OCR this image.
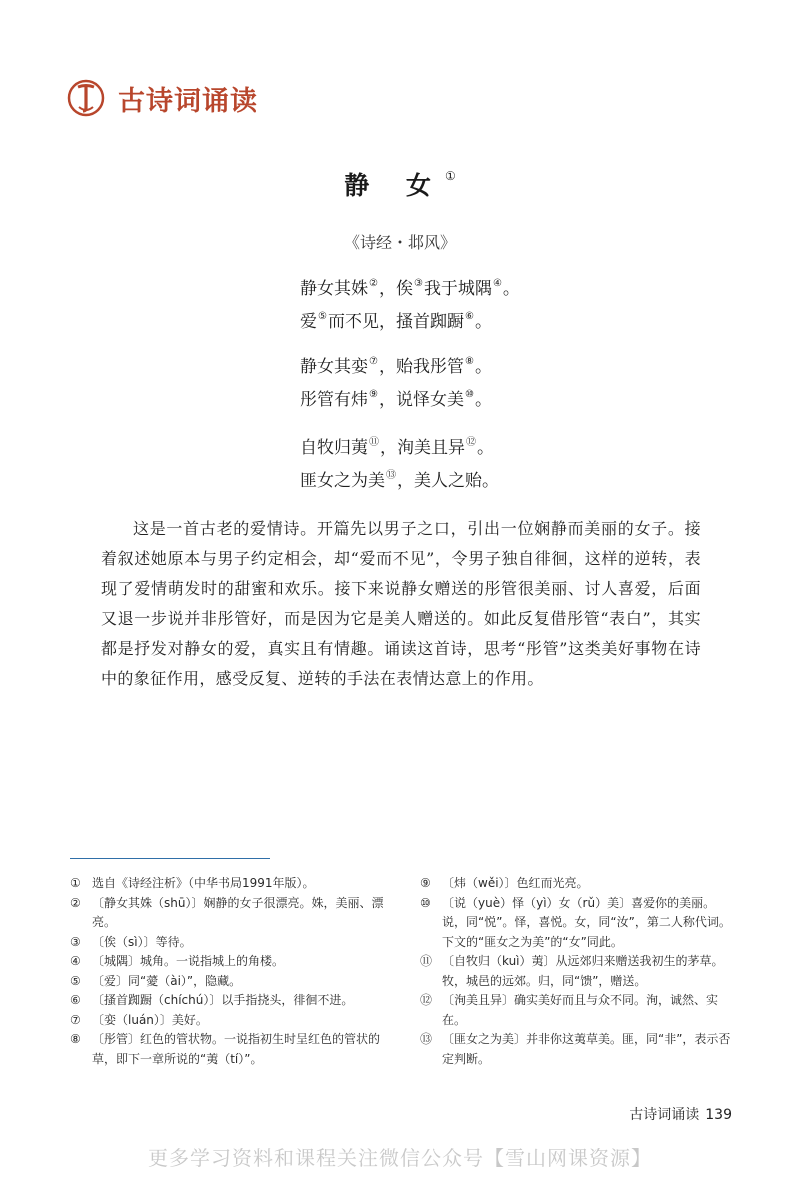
古诗词诵读
静 女①
《诗经・邶风》
静女其姝②，俟③我于城隅④。
爱⑤而不见，搔首踟蹰⑥。
静女其娈⑦，贻我彤管⑧。
彤管有炜⑨，说怿女美⑩。
自牧归荑⑪，洵美且异⑫。
匪女之为美⑬，美人之贻。

这是一首古老的爱情诗。开篇先以男子之口，引出一位娴静而美丽的女子。接着叙述她原本与男子约定相会，却“爱而不见”，令男子独自徘徊，这样的逆转，表现了爱情萌发时的甜蜜和欢乐。接下来说静女赠送的彤管很美丽、讨人喜爱，后面又退一步说并非彤管好，而是因为它是美人赠送的。如此反复借彤管“表白”，其实都是抒发对静女的爱，真实且有情趣。诵读这首诗，思考“彤管”这类美好事物在诗中的象征作用，感受反复、逆转的手法在表情达意上的作用。

① 选自《诗经注析》（中华书局1991年版）。
② 〔静女其姝（shū）〕娴静的女子很漂亮。姝，美丽、漂亮。
③ 〔俟（sì）〕等待。
④ 〔城隅〕城角。一说指城上的角楼。
⑤ 〔爱〕同“薆（ài）”，隐藏。
⑥ 〔搔首踟蹰（chíchú）〕以手指挠头，徘徊不进。
⑦ 〔娈（luán）〕美好。
⑧ 〔彤管〕红色的管状物。一说指初生时呈红色的管状的草，即下一章所说的“荑（tí）”。
⑨ 〔炜（wěi）〕色红而光亮。
⑩ 〔说（yuè）怿（yì）女（rǔ）美〕喜爱你的美丽。说，同“悦”。怿，喜悦。女，同“汝”，第二人称代词。下文的“匪女之为美”的“女”同此。
⑪ 〔自牧归（kuì）荑〕从远郊归来赠送我初生的茅草。牧，城邑的远郊。归，同“馈”，赠送。
⑫ 〔洵美且异〕确实美好而且与众不同。洵，诚然、实在。
⑬ 〔匪女之为美〕并非你这荑草美。匪，同“非”，表示否定判断。
古诗词诵读 139
更多学习资料和课程关注微信公众号【雪山网课资源】
